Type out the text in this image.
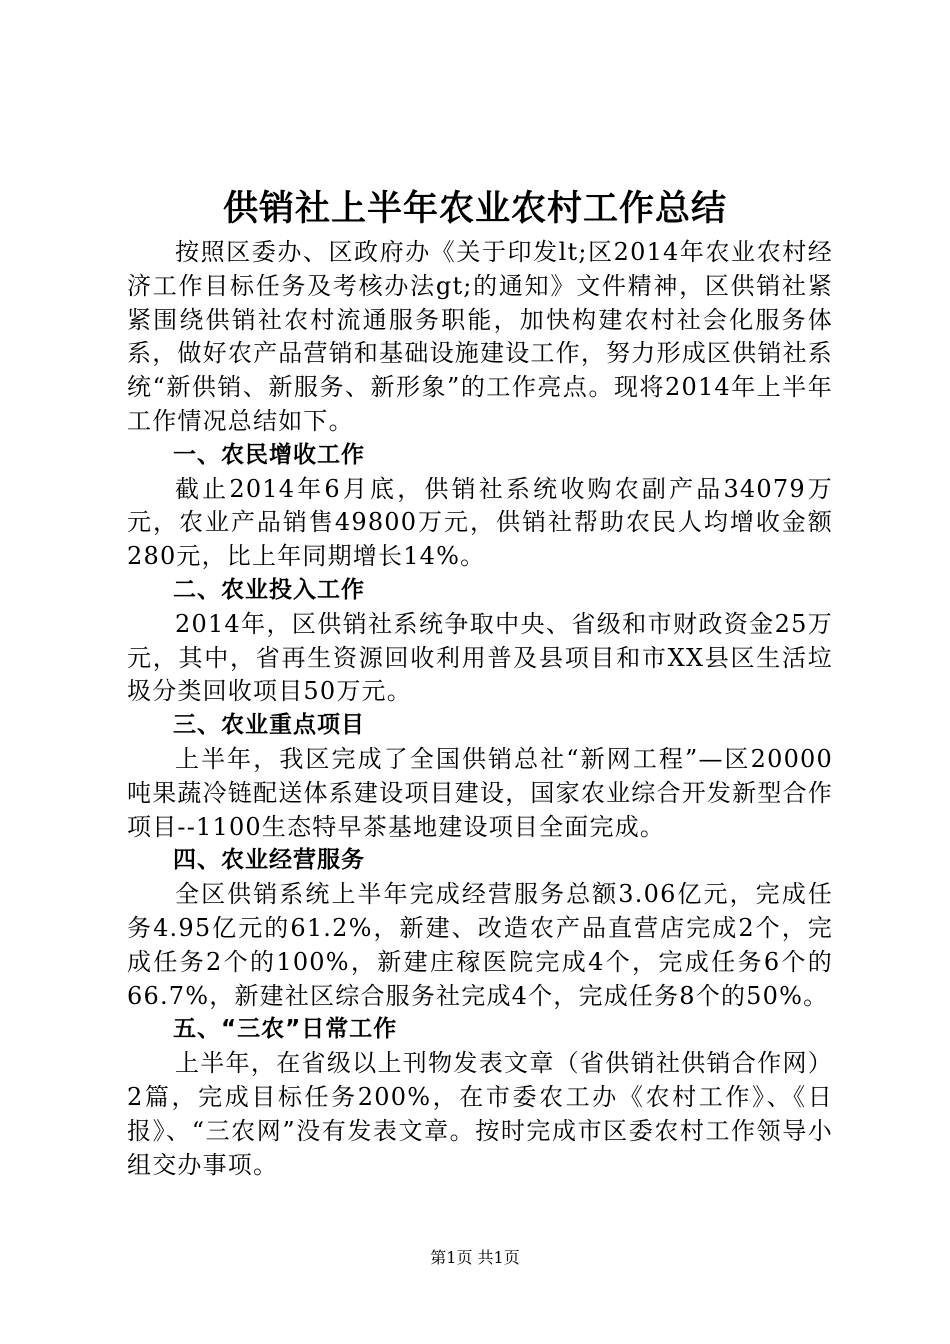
供销社上半年农业农村工作总结

按照区委办、区政府办《关于印发lt;区2014年农业农村经济工作目标任务及考核办法gt;的通知》文件精神，区供销社紧紧围绕供销社农村流通服务职能，加快构建农村社会化服务体系，做好农产品营销和基础设施建设工作，努力形成区供销社系统“新供销、新服务、新形象”的工作亮点。现将2014年上半年工作情况总结如下。

一、农民增收工作

截止2014年6月底，供销社系统收购农副产品34079万元，农业产品销售49800万元，供销社帮助农民人均增收金额280元，比上年同期增长14%。

二、农业投入工作

2014年，区供销社系统争取中央、省级和市财政资金25万元，其中，省再生资源回收利用普及县项目和市XX县区生活垃圾分类回收项目50万元。

三、农业重点项目

上半年，我区完成了全国供销总社“新网工程”—区20000吨果蔬冷链配送体系建设项目建设，国家农业综合开发新型合作项目--1100生态特早茶基地建设项目全面完成。

四、农业经营服务

全区供销系统上半年完成经营服务总额3.06亿元，完成任务4.95亿元的61.2%，新建、改造农产品直营店完成2个，完成任务2个的100%，新建庄稼医院完成4个，完成任务6个的66.7%，新建社区综合服务社完成4个，完成任务8个的50%。

五、“三农”日常工作

上半年，在省级以上刊物发表文章（省供销社供销合作网）2篇，完成目标任务200%，在市委农工办《农村工作》、《日报》、“三农网”没有发表文章。按时完成市区委农村工作领导小组交办事项。

第1页 共1页
